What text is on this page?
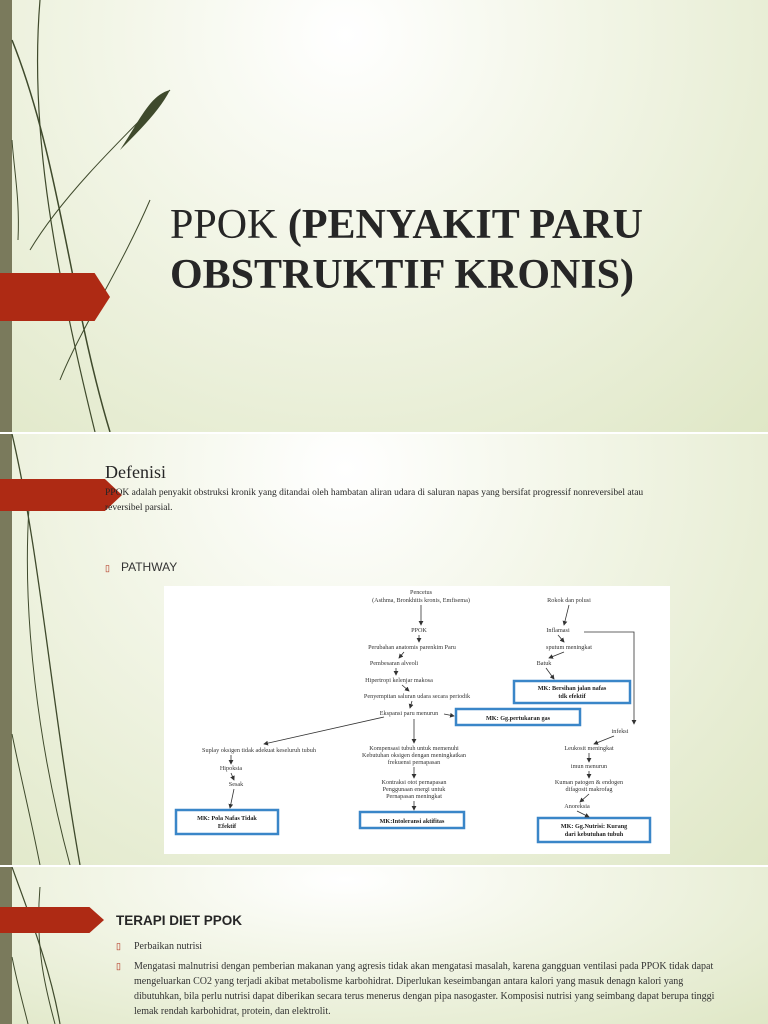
PPOK (PENYAKIT PARU OBSTRUKTIF KRONIS)
Defenisi
PPOK adalah penyakit obstruksi kronik yang ditandai oleh hambatan aliran udara di saluran napas yang bersifat progressif nonreversibel atau reversibel parsial.
▯ PATHWAY
Pencetus
(Asthma, Bronkhitis kronis, Emfisema)	Rokok dan polusi
PPOK	Inflamasi
Perubahan anatomis parenkim Paru	sputum meningkat
Pembesaran alveoli	Batuk
Hipertropi kelenjar makosa
Penyempitan saluran udara secara periodik
Ekspansi paru menurun
infeksi
Suplay oksigen tidak adekuat keseluruh tubuh	Kompensasi tubuh untuk memenuhi
Kebutuhan oksigen dengan meningkatkan
frekuensi pernapasan
Leukosit meningkat
Hipoksia	imun menurun
Sesak	Kontraksi otot pernapasan
Penggunaan energi untuk
Pernapasan meningkat
Kuman patogen & endogen
difagosit makrofag
Anoreksia
MK: Bersihan jalan nafas
tdk efektif
MK: Gg.pertukaran gas
MK: Pola Nafas Tidak
Efektif
MK:Intoleransi aktifitas
MK: Gg.Nutrisi: Kurang
dari kebutuhan tubuh
TERAPI DIET PPOK
▯	Perbaikan nutrisi
▯	Mengatasi malnutrisi dengan pemberian makanan yang agresis tidak akan mengatasi masalah, karena gangguan ventilasi pada PPOK tidak dapat mengeluarkan CO2 yang terjadi akibat metabolisme karbohidrat. Diperlukan keseimbangan antara kalori yang masuk denagn kalori yang dibutuhkan, bila perlu nutrisi dapat diberikan secara terus menerus dengan pipa nasogaster. Komposisi nutrisi yang seimbang dapat berupa tinggi lemak rendah karbohidrat, protein, dan elektrolit.
